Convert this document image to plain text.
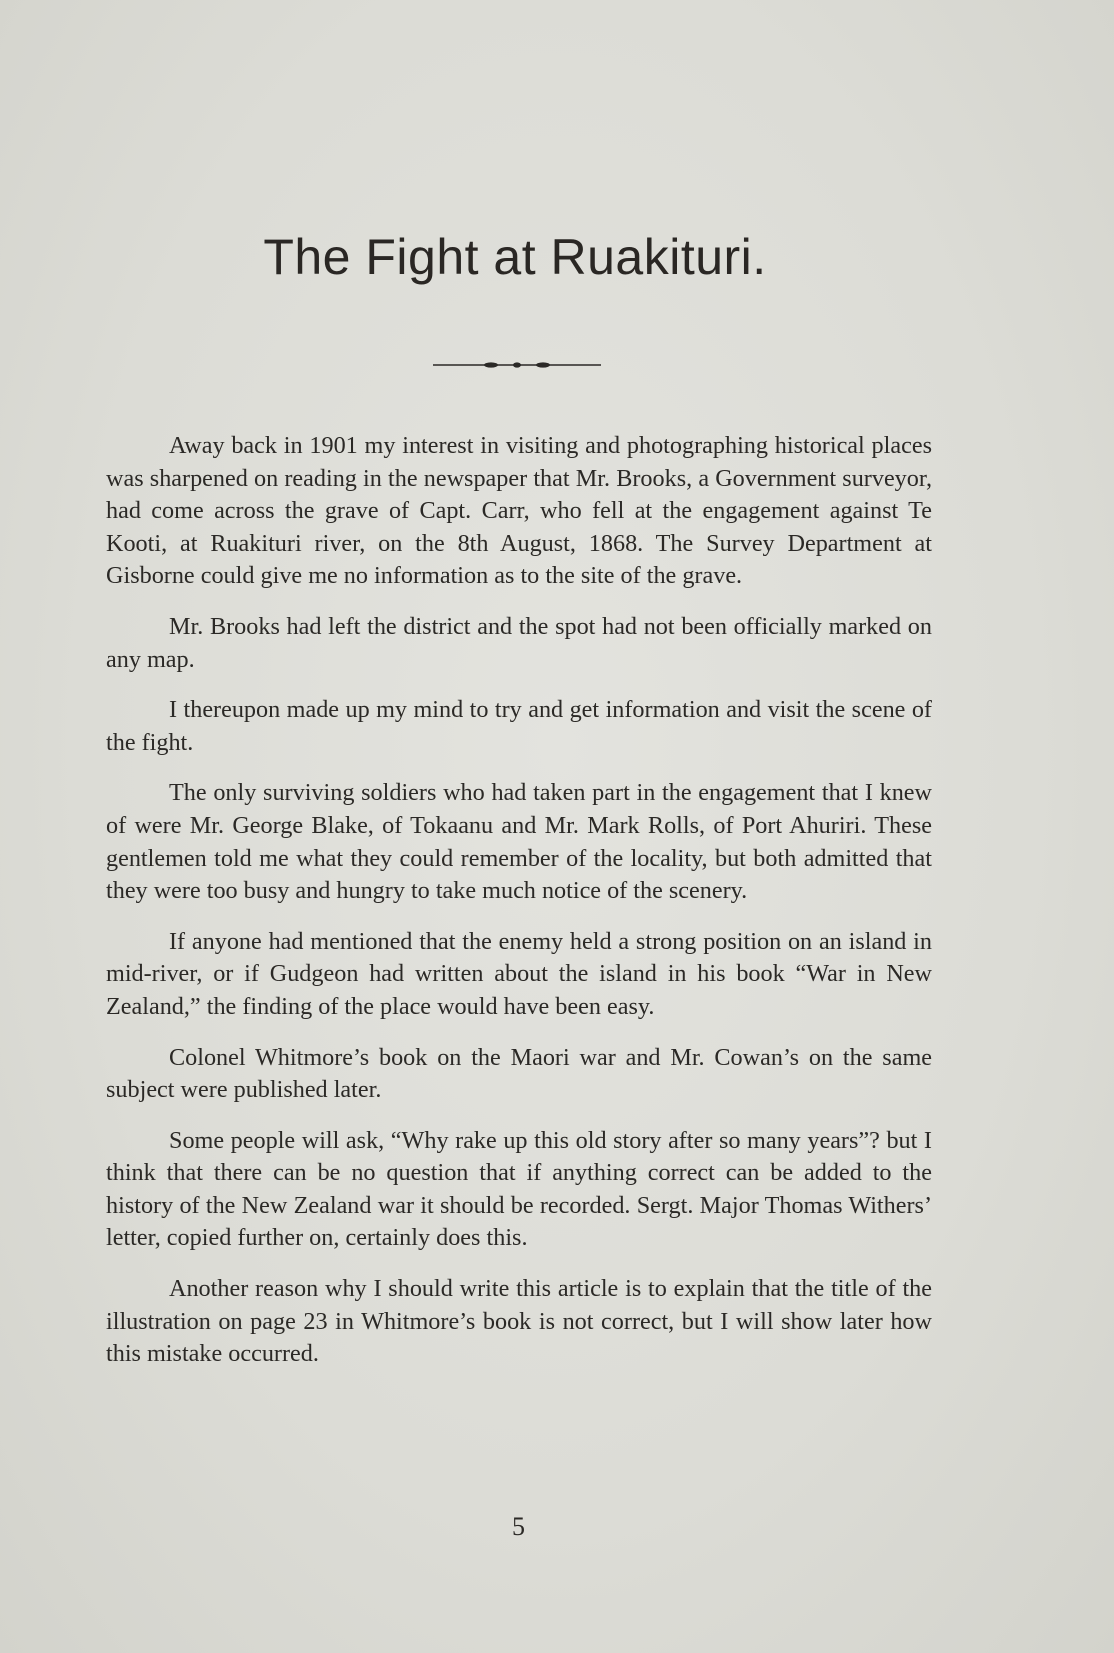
The Fight at Ruakituri.

Away back in 1901 my interest in visiting and photographing historical places was sharpened on reading in the newspaper that Mr. Brooks, a Government surveyor, had come across the grave of Capt. Carr, who fell at the engagement against Te Kooti, at Ruakituri river, on the 8th August, 1868. The Survey Department at Gisborne could give me no information as to the site of the grave.

Mr. Brooks had left the district and the spot had not been officially marked on any map.

I thereupon made up my mind to try and get information and visit the scene of the fight.

The only surviving soldiers who had taken part in the engagement that I knew of were Mr. George Blake, of Tokaanu and Mr. Mark Rolls, of Port Ahuriri. These gentlemen told me what they could remember of the locality, but both admitted that they were too busy and hungry to take much notice of the scenery.

If anyone had mentioned that the enemy held a strong position on an island in mid-river, or if Gudgeon had written about the island in his book “War in New Zealand,” the finding of the place would have been easy.

Colonel Whitmore’s book on the Maori war and Mr. Cowan’s on the same subject were published later.

Some people will ask, “Why rake up this old story after so many years”? but I think that there can be no question that if anything correct can be added to the history of the New Zealand war it should be recorded. Sergt. Major Thomas Withers’ letter, copied further on, certainly does this.

Another reason why I should write this article is to explain that the title of the illustration on page 23 in Whitmore’s book is not correct, but I will show later how this mistake occurred.

5
